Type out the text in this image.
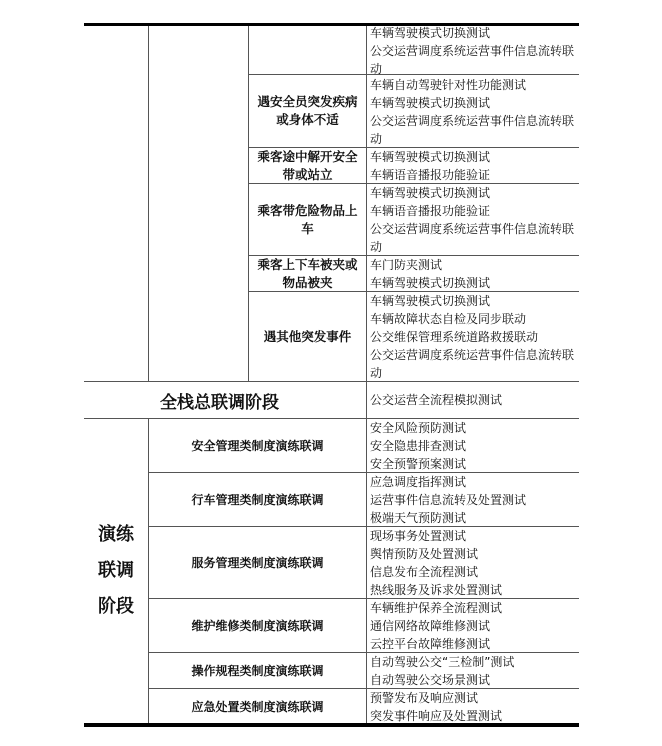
遇安全员突发疾病或身体不适
乘客途中解开安全带或站立
乘客带危险物品上车
乘客上下车被夹或物品被夹
遇其他突发事件
车辆驾驶模式切换测试
公交运营调度系统运营事件信息流转联动
车辆自动驾驶针对性功能测试
车辆驾驶模式切换测试
公交运营调度系统运营事件信息流转联动
车辆驾驶模式切换测试
车辆语音播报功能验证
车辆驾驶模式切换测试
车辆语音播报功能验证
公交运营调度系统运营事件信息流转联动
车门防夹测试
车辆驾驶模式切换测试
车辆驾驶模式切换测试
车辆故障状态自检及同步联动
公交维保管理系统道路救援联动
公交运营调度系统运营事件信息流转联动
全栈总联调阶段	公交运营全流程模拟测试
演练
联调
阶段
安全管理类制度演练联调
行车管理类制度演练联调
服务管理类制度演练联调
维护维修类制度演练联调
操作规程类制度演练联调
应急处置类制度演练联调
安全风险预防测试
安全隐患排查测试
安全预警预案测试
应急调度指挥测试
运营事件信息流转及处置测试
极端天气预防测试
现场事务处置测试
舆情预防及处置测试
信息发布全流程测试
热线服务及诉求处置测试
车辆维护保养全流程测试
通信网络故障维修测试
云控平台故障维修测试
自动驾驶公交“三检制”测试
自动驾驶公交场景测试
预警发布及响应测试
突发事件响应及处置测试
